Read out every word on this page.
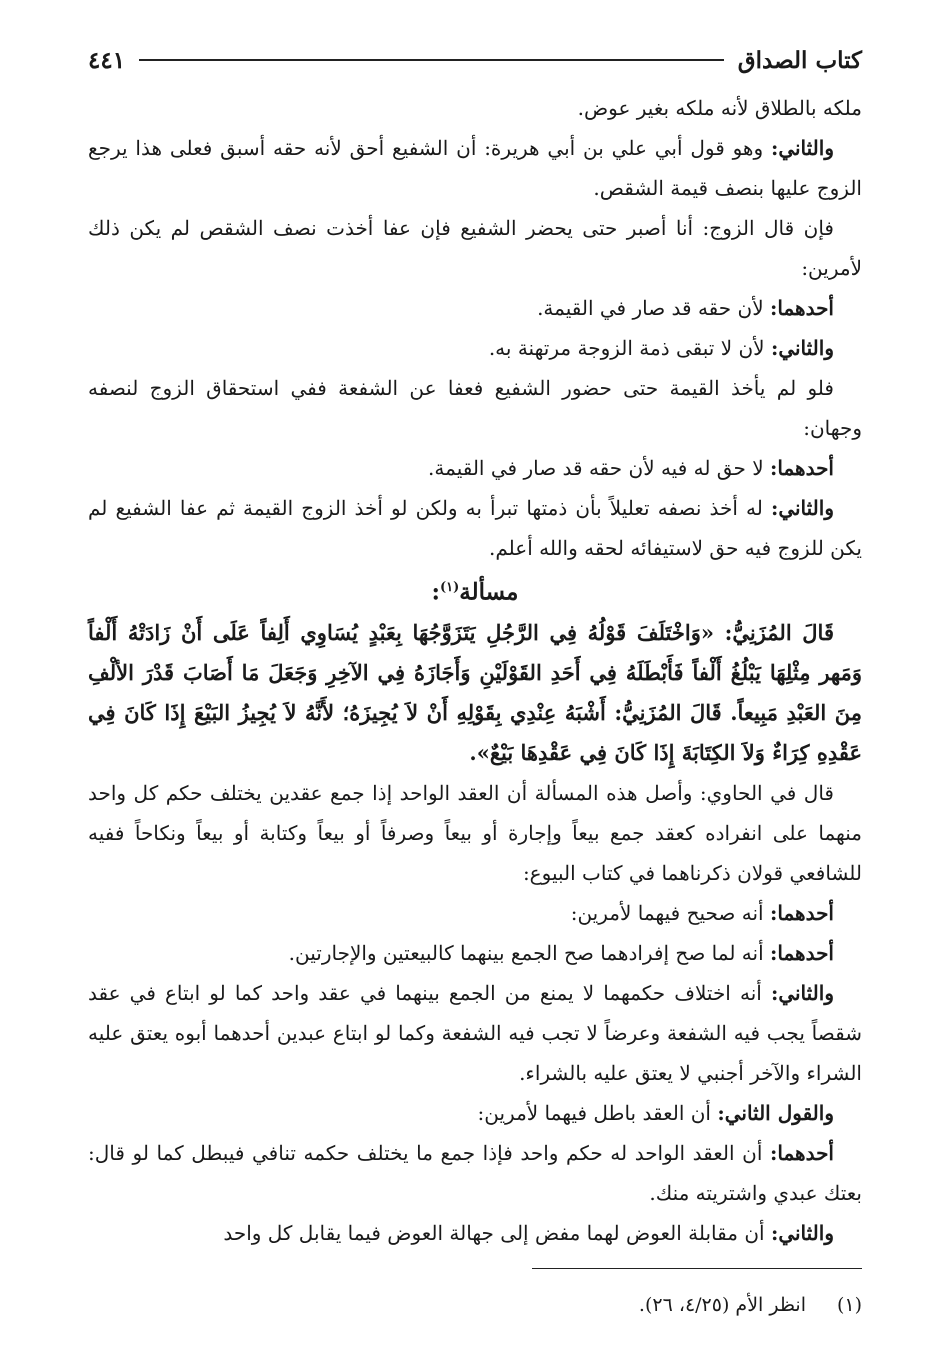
كتاب الصداق
٤٤١

ملكه بالطلاق لأنه ملكه بغير عوض.

والثاني: وهو قول أبي علي بن أبي هريرة: أن الشفيع أحق لأنه حقه أسبق فعلى هذا يرجع الزوج عليها بنصف قيمة الشقص.

فإن قال الزوج: أنا أصبر حتى يحضر الشفيع فإن عفا أخذت نصف الشقص لم يكن ذلك لأمرين:

أحدهما: لأن حقه قد صار في القيمة.

والثاني: لأن لا تبقى ذمة الزوجة مرتهنة به.

فلو لم يأخذ القيمة حتى حضور الشفيع فعفا عن الشفعة ففي استحقاق الزوج لنصفه وجهان:

أحدهما: لا حق له فيه لأن حقه قد صار في القيمة.

والثاني: له أخذ نصفه تعليلاً بأن ذمتها تبرأ به ولكن لو أخذ الزوج القيمة ثم عفا الشفيع لم يكن للزوج فيه حق لاستيفائه لحقه والله أعلم.

مسألة$^{(١)}$:

قَالَ المُزَنِيُّ: «وَاخْتَلَفَ قَوْلُهُ فِي الرَّجُلِ يَتَزَوَّجُهَا بِعَبْدٍ يُسَاوِي أَلِفاً عَلَى أَنْ زَادَتْهُ أَلْفاً وَمَهر مِثْلِهَا يَبْلُغُ أَلْفاً فَأَبْطَلَهُ فِي أَحَدِ القَوْلَيْنِ وَأَجَازَهُ فِي الآخِرِ وَجَعَلَ مَا أَصَابَ قَدْرَ الألْفِ مِنَ العَبْدِ مَبِيعاً. قَالَ المُزَنِيُّ: أَشْبَهُ عِنْدِي بِقَوْلِهِ أَنْ لاَ يُجِيزَهُ؛ لأَنَّهُ لاَ يُجِيزُ البَيْعَ إِذَا كَانَ فِي عَقْدِهِ كِرَاءٌ وَلاَ الكِتَابَةَ إِذَا كَانَ فِي عَقْدِهَا بَيْعٌ».

قال في الحاوي: وأصل هذه المسألة أن العقد الواحد إذا جمع عقدين يختلف حكم كل واحد منهما على انفراده كعقد جمع بيعاً وإجارة أو بيعاً وصرفاً أو بيعاً وكتابة أو بيعاً ونكاحاً ففيه للشافعي قولان ذكرناهما في كتاب البيوع:

أحدهما: أنه صحيح فيهما لأمرين:

أحدهما: أنه لما صح إفرادهما صح الجمع بينهما كالبيعتين والإجارتين.

والثاني: أنه اختلاف حكمهما لا يمنع من الجمع بينهما في عقد واحد كما لو ابتاع في عقد شقصاً يجب فيه الشفعة وعرضاً لا تجب فيه الشفعة وكما لو ابتاع عبدين أحدهما أبوه يعتق عليه الشراء والآخر أجنبي لا يعتق عليه بالشراء.

والقول الثاني: أن العقد باطل فيهما لأمرين:

أحدهما: أن العقد الواحد له حكم واحد فإذا جمع ما يختلف حكمه تنافي فيبطل كما لو قال: بعتك عبدي واشتريته منك.

والثاني: أن مقابلة العوض لهما مفض إلى جهالة العوض فيما يقابل كل واحد

(١)انظر الأم (٤/٢٥، ٢٦).
